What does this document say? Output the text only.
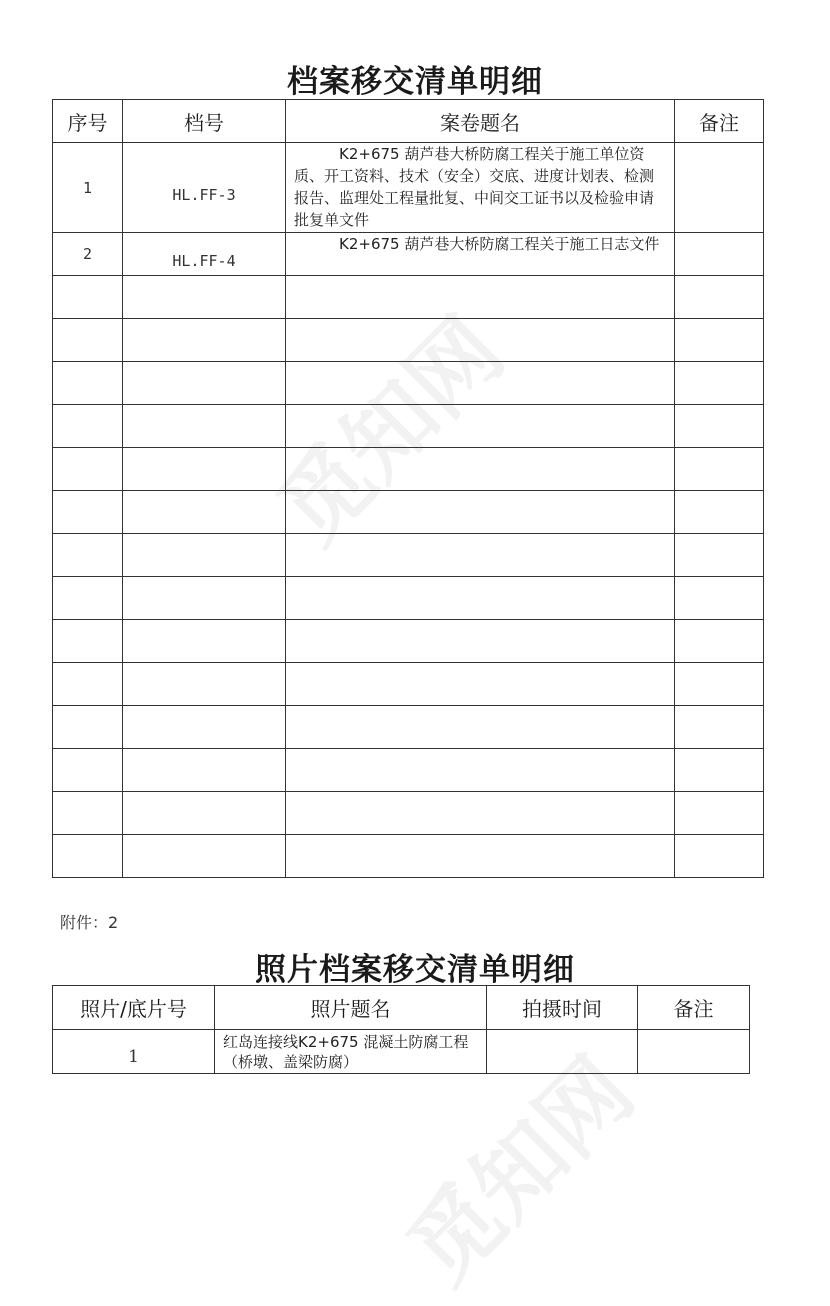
觅知网
觅知网
档案移交清单明细
序号	档号	案卷题名	备注
1	HL.FF-3	K2+675 葫芦巷大桥防腐工程关于施工单位资质、开工资料、技术（安全）交底、进度计划表、检测报告、监理处工程量批复、中间交工证书以及检验申请批复单文件	
2	HL.FF-4	K2+675 葫芦巷大桥防腐工程关于施工日志文件	

附件：2
照片档案移交清单明细
照片/底片号	照片题名	拍摄时间	备注
1	红岛连接线K2+675 混凝土防腐工程（桥墩、盖梁防腐）		
